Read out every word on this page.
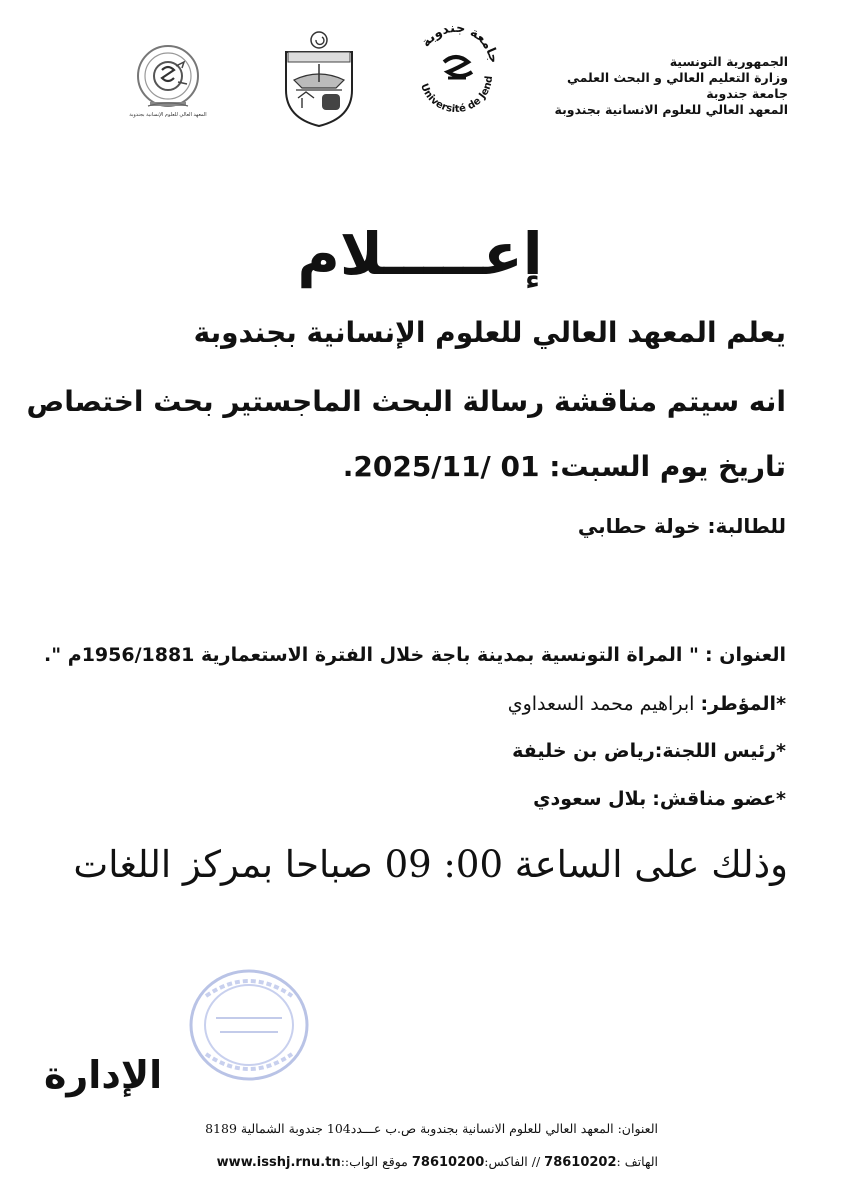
الجمهورية التونسية
وزارة التعليم العالي و البحث العلمي
جامعة جندوبة
المعهد العالي للعلوم الانسانية بجندوبة
المعهد العالي للعلوم الإنسانية بجندوبة
جامعة جندوبة
Université de Jend
إعـــــلام
يعلم المعهد العالي للعلوم الإنسانية بجندوبة
انه سيتم مناقشة رسالة البحث الماجستير بحث اختصاص
تاريخ يوم السبت: 01 /2025/11.
للطالبة: خولة حطابي
العنوان : " المراة التونسية بمدينة باجة خلال الفترة الاستعمارية 1956/1881م ".
*المؤطر: ابراهيم محمد السعداوي
*رئيس اللجنة:رياض بن خليفة
*عضو مناقش: بلال سعودي
وذلك على الساعة 00: 09 صباحا بمركز اللغات
الإدارة
العنوان: المعهد العالي للعلوم الانسانية بجندوبة ص.ب عـــدد104 جندوبة الشمالية 8189
الهاتف :78610202 // الفاكس:78610200 موقع الواب::www.isshj.rnu.tn
